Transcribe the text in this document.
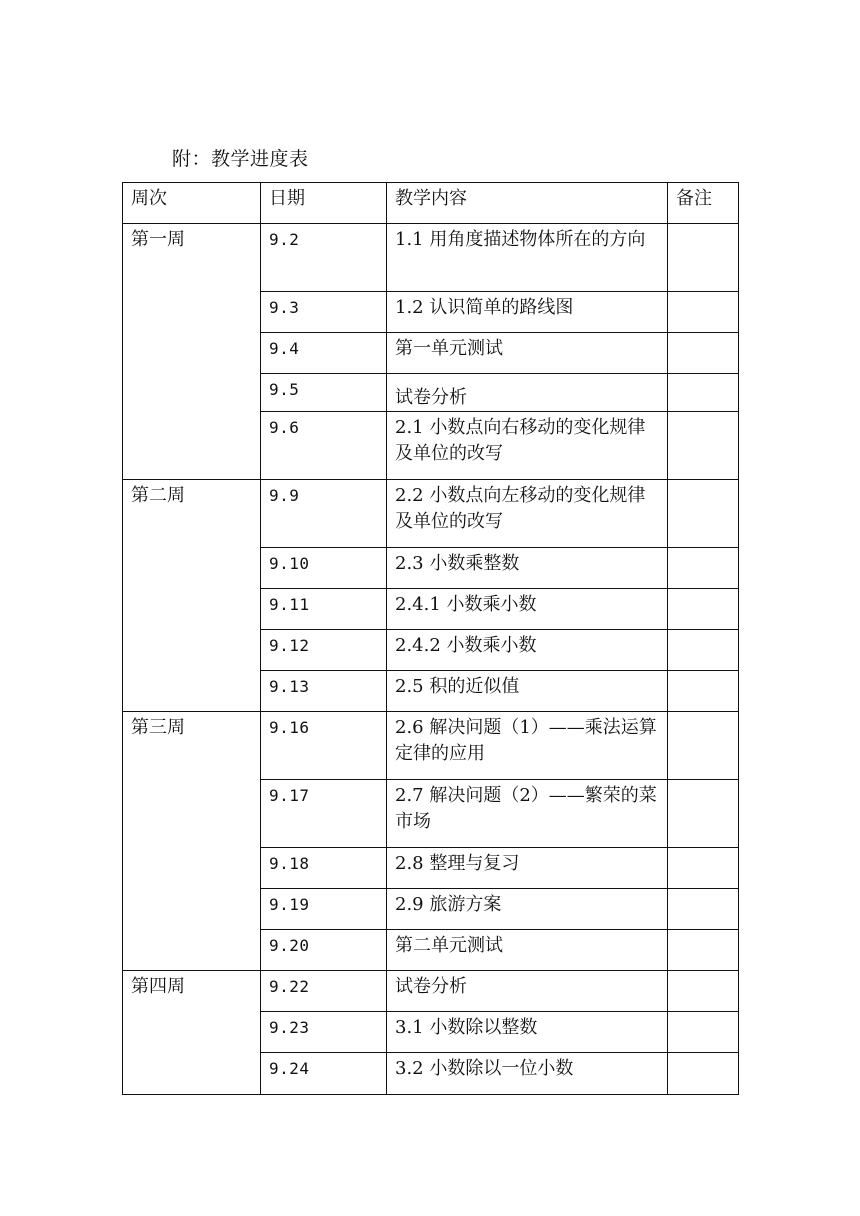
附：教学进度表
周次	日期	教学内容	备注
第一周	9.2	1.1 用角度描述物体所在的方向	
	9.3	1.2 认识简单的路线图	
	9.4	第一单元测试	
	9.5	试卷分析	
	9.6	2.1 小数点向右移动的变化规律及单位的改写	
第二周	9.9	2.2 小数点向左移动的变化规律及单位的改写	
	9.10	2.3 小数乘整数	
	9.11	2.4.1 小数乘小数	
	9.12	2.4.2 小数乘小数	
	9.13	2.5 积的近似值	
第三周	9.16	2.6 解决问题（1）——乘法运算定律的应用	
	9.17	2.7 解决问题（2）——繁荣的菜市场	
	9.18	2.8 整理与复习	
	9.19	2.9 旅游方案	
	9.20	第二单元测试	
第四周	9.22	试卷分析	
	9.23	3.1 小数除以整数	
	9.24	3.2 小数除以一位小数	
